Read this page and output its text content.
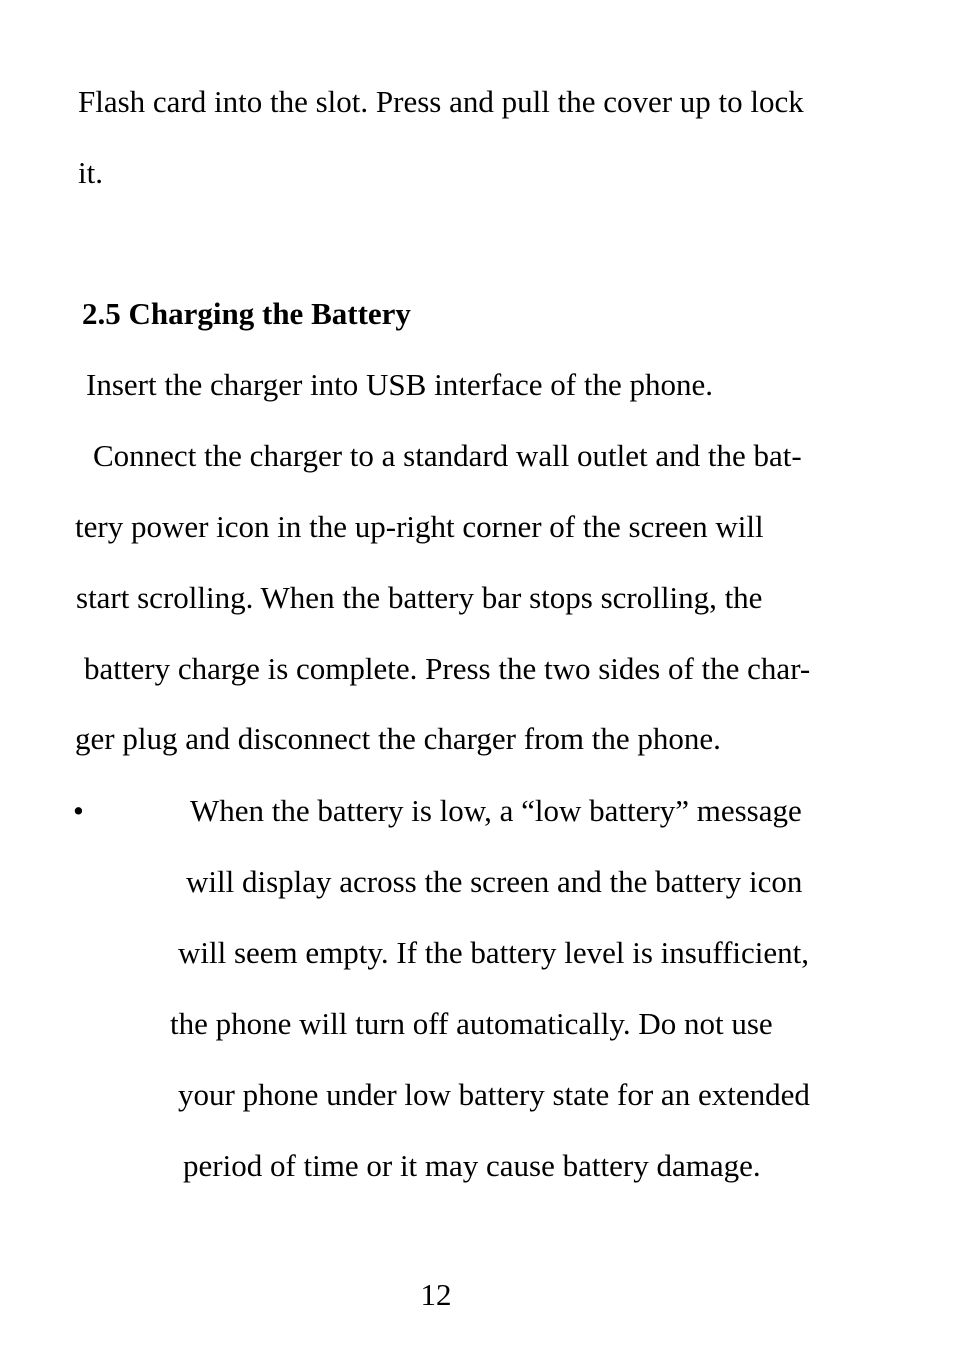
Flash card into the slot. Press and pull the cover up to lock

it.

2.5 Charging the Battery

Insert the charger into USB interface of the phone.

Connect the charger to a standard wall outlet and the bat-

tery power icon in the up-right corner of the screen will

start scrolling. When the battery bar stops scrolling, the

battery charge is complete. Press the two sides of the char-

ger plug and disconnect the charger from the phone.

•	When the battery is low, a “low battery” message

will display across the screen and the battery icon

will seem empty. If the battery level is insufficient,

the phone will turn off automatically. Do not use

your phone under low battery state for an extended

period of time or it may cause battery damage.

12
